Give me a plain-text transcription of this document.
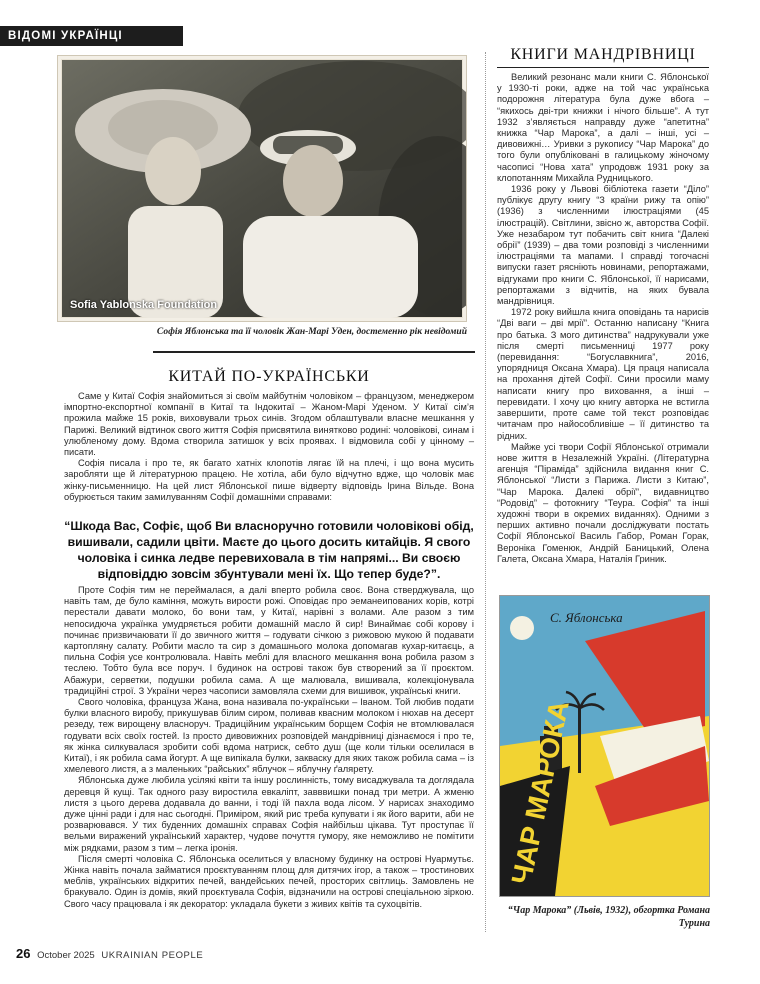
ВІДОМІ УКРАЇНЦІ
Sofia Yablonska Foundation
Софія Яблонська та її чоловік Жан-Марі Уден, достеменно рік невідомий
КИТАЙ ПО-УКРАЇНСЬКИ

Саме у Китаї Софія знайомиться зі своїм майбутнім чоловіком – французом, менеджером імпортно-експортної компанії в Китаї та Індокитаї – Жаном-Марі Уденом. У Китаї сім’я прожила майже 15 років, виховували трьох синів. Згодом облаштували власне мешкання у Парижі. Великий відтинок свого життя Софія присвятила винятково родині: чоловікові, синам і улюбленому дому. Вдома створила затишок у всіх проявах. І відмовила собі у ціннoму – писати.

Софія писала і про те, як багато хатніх клопотів лягає їй на плечі, і що вона мусить заробляти ще й літературною працею. Не хотіла, аби було відчутно вдже, що чоловік має жінку-письменницю. На цей лист Яблонської пише відверту відповідь Ірина Вільде. Вона обурюється таким замилуванням Софії домашніми справами:

“Шкода Вас, Софіє, щоб Ви власноручно готовили чоловікові обід, вишивали, садили цвіти. Маєте до цього досить китайців. Я свого чоловіка і синка ледве перевиховала в тім напрямі... Ви своєю відповіддю зовсім збунтували мені їх. Що тепер буде?”.

Проте Софія тим не переймалася, а далі вперто робила своє. Вона стверджувала, що навіть там, де було каміння, можуть вирости рожі. Оповідає про эеманеипованих корів, котрі перестали давати молоко, бо вони там, у Китаї, нарівні з волами. Але разом з тим непосидюча українка умудряється робити домашній масло й сир! Винаймає собі корову і починає призвичаювати її до звичного життя – годувати січкою з рижовою мукою й подавати картопляну салату. Робити масло та сир з домашнього молока допомагав кухар-китаєць, а пильна Софія усе контролювала. Навіть меблі для власного мешкання вона робила разом з теслею. Тобто була всe поруч. І будинок на острові також був створений за її проєктом. Абажури, серветки, подушки робила сама. А ще малювала, вишивала, колекціонувала традиційні строї. З України через часописи замовляла схеми для вишивок, українські книги.

Свого чоловіка, француза Жана, вона називала по-українськи – Іваном. Той любив подати булки власного виробу, прикушував білим сиром, поливав квасним молоком і нюхав на десерт резеду, теж вирощену власноруч. Традиційним українським борщем Софія не втомлювалася годувати всіх своїх гостей. Із просто дивовижних розповідей мандрівниці дізнаємося і про те, як жінка силкувалася зробити собі вдома натриск, себто душ (ще коли тільки оселилася в Китаї), і як робила сама йогурт. А ще випікала булки, закваску для яких також робила сама – із хмелевого листя, а з маленьких “райських” яблучок – яблучну ґалярету.

Яблонська дуже любила усілякі квіти та іншу рослинність, тому висаджувала та доглядала деревця й кущі. Так одного разу виростила евкаліпт, завввишки понад три метри. А жменю листя з цього дерева додавала до ванни, і тоді їй пахла вода лісом. У нарисах знаходимо дуже цінні ради і для нас сьогодні. Приміром, який рис треба купувати і як його варити, аби не розварювався. У тих буденних домашніх справах Софія найбільш цікава. Тут проступає її вельми виражений український характер, чудове почуття гумору, яке неможливо не помітити між рядками, разом з тим – легка іронія.

Після смерті чоловіка С. Яблонська оселиться у власному будинку на острові Нуармутьє. Жінка навіть почала займатися проєктуванням площ для дитячих ігор, а також – тростинових меблів, українських відкритих печей, вандейських печей, простoрих світлиць. Замовлень не бракувало. Один із домів, який проєктувала Софія, відзначили на острові спеціальною зіркою. Свого часу працювала і як декоратор: укладала букети з живих квітів та сухоцвітів.

КНИГИ МАНДРІВНИЦІ

Великий резонанс мали книги С. Яблонської у 1930-ті роки, адже на той час українська подорожня література була дуже вбога – “якихось дві-три книжки і нічого більше”. А тут 1932 з’являється направду дуже “апетитна” книжка “Чар Марока”, а далі – інші, усі – дивовижні… Уривки з рукопису “Чар Марока” до того були опубліковані в галицькому жіночому часописі “Нова хата” упродовж 1931 року за клопотанням Михайла Рудницького.

1936 року у Львові бібліотека газети “Діло” публікує другу книгу “З країни рижу та опію” (1936) з численними ілюстраціями (45 ілюстрацій). Світлини, звісно ж, авторства Софії. Уже незабаром тут побачить світ книга “Далекі обрії” (1939) – два томи розповіді з численними ілюстраціями та мапами. І справді тогочасні випуски газет рясніють новинами, репортажами, відгуками про книги С. Яблонської, її нарисами, репортажами з відчитів, на яких бувала мандрівниця.

1972 року вийшла книга оповідань та нарисів “Дві ваги – дві мрії”. Останню написану “Книга про батька. З мого дитинства” надрукували уже після смерті письменниці 1977 року (перевидання: “Богуславкнига”, 2016, упорядниця Оксана Хмара). Ця праця написала на прохання дітей Софії. Сини просили маму написати книгу про виховання, а інші – перевидати. І хочу цю книгу авторка не встигла завершити, проте саме той текст розповідає читачам про найособливіше – її дитинство та рідних.

Майже усі твори Софії Яблонської отримали нове життя в Незалежній Україні. (Літературна агенція “Піраміда” здійснила видання книг С. Яблонської “Листи з Парижа. Листи з Китаю”, “Чар Марока. Далекі обрії”, видавництво “Родовід” – фотокнигу “Теура. Софія” та інші художні твори в окремих виданнях). Одними з перших активно почали досліджувати постать Софії Яблонської Василь Габор, Роман Горак, Вероніка Гоменюк, Андрій Баницький, Олена Галета, Оксана Хмара, Наталія Гриник.

С. Яблонська
ЧАР МАРОКА
“Чар Марока” (Львів, 1932), обгортка Романа Турина
26 October 2025 UKRAINIAN PEOPLE
